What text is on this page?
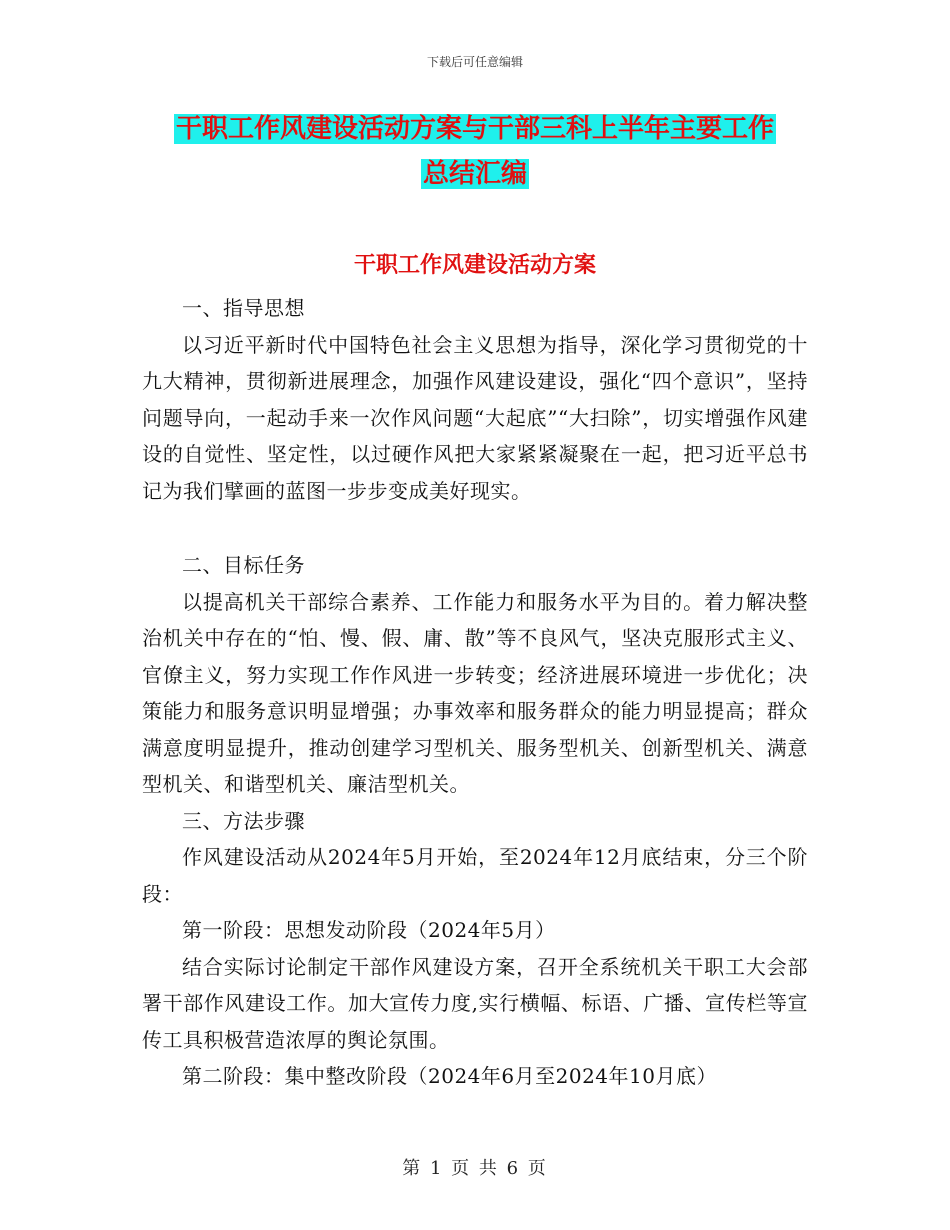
下载后可任意编辑
干职工作风建设活动方案与干部三科上半年主要工作
总结汇编
干职工作风建设活动方案
一、指导思想

以习近平新时代中国特色社会主义思想为指导，深化学习贯彻党的十九大精神，贯彻新进展理念，加强作风建设建设，强化“四个意识”，坚持问题导向，一起动手来一次作风问题“大起底”“大扫除”，切实增强作风建设的自觉性、坚定性，以过硬作风把大家紧紧凝聚在一起，把习近平总书记为我们擘画的蓝图一步步变成美好现实。

二、目标任务

以提高机关干部综合素养、工作能力和服务水平为目的。着力解决整治机关中存在的“怕、慢、假、庸、散”等不良风气，坚决克服形式主义、官僚主义，努力实现工作作风进一步转变；经济进展环境进一步优化；决策能力和服务意识明显增强；办事效率和服务群众的能力明显提高；群众满意度明显提升，推动创建学习型机关、服务型机关、创新型机关、满意型机关、和谐型机关、廉洁型机关。

三、方法步骤

作风建设活动从2024年5月开始，至2024年12月底结束，分三个阶段：

第一阶段：思想发动阶段（2024年5月）

结合实际讨论制定干部作风建设方案，召开全系统机关干职工大会部署干部作风建设工作。加大宣传力度,实行横幅、标语、广播、宣传栏等宣传工具积极营造浓厚的舆论氛围。

第二阶段：集中整改阶段（2024年6月至2024年10月底）
第 1 页 共 6 页
